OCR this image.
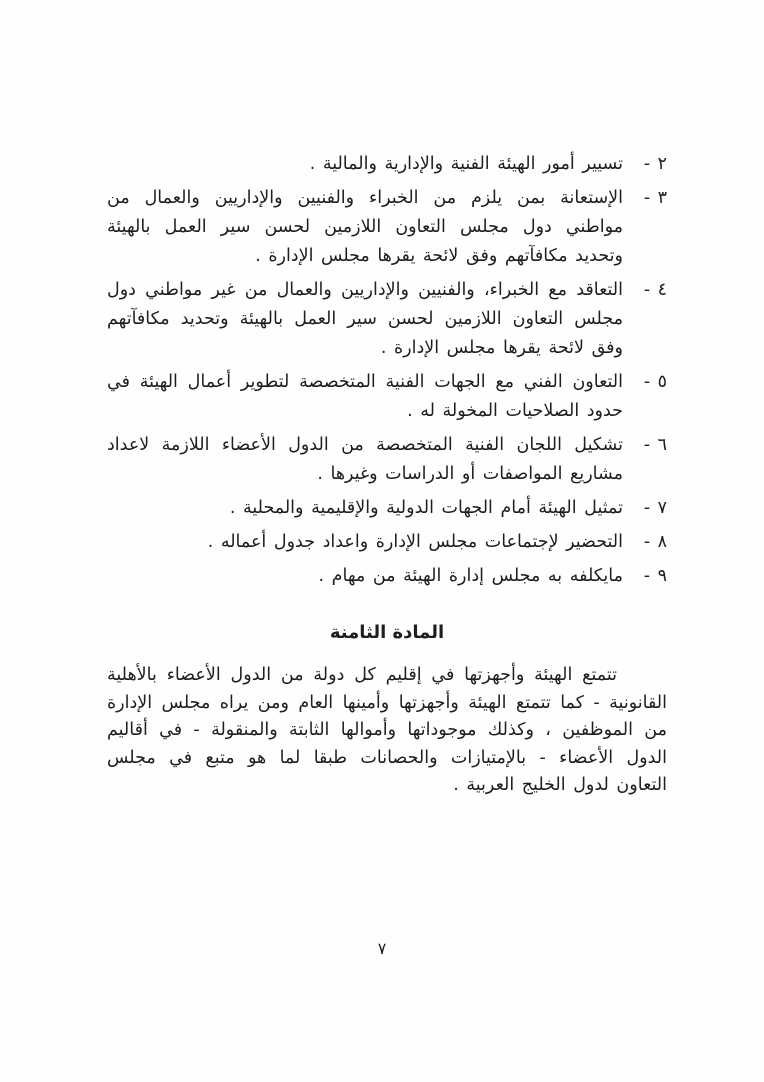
٢ -
تسيير أمور الهيئة الفنية والإدارية والمالية .
٣ -
الإستعانة بمن يلزم من الخبراء والفنيين والإداريين والعمال من مواطني دول مجلس التعاون اللازمين لحسن سير العمل بالهيئة وتحديد مكافآتهم وفق لائحة يقرها مجلس الإدارة .
٤ -
التعاقد مع الخبراء، والفنيين والإداريين والعمال من غير مواطني دول مجلس التعاون اللازمين لحسن سير العمل بالهيئة وتحديد مكافآتهم وفق لائحة يقرها مجلس الإدارة .
٥ -
التعاون الفني مع الجهات الفنية المتخصصة لتطوير أعمال الهيئة في حدود الصلاحيات المخولة له .
٦ -
تشكيل اللجان الفنية المتخصصة من الدول الأعضاء اللازمة لاعداد مشاريع المواصفات أو الدراسات وغيرها .
٧ -
تمثيل الهيئة أمام الجهات الدولية والإقليمية والمحلية .
٨ -
التحضير لإجتماعات مجلس الإدارة واعداد جدول أعماله .
٩ -
مايكلفه به مجلس إدارة الهيئة من مهام .
المادة الثامنة

تتمتع الهيئة وأجهزتها في إقليم كل دولة من الدول الأعضاء بالأهلية القانونية - كما تتمتع الهيئة وأجهزتها وأمينها العام ومن يراه مجلس الإدارة من الموظفين ، وكذلك موجوداتها وأموالها الثابتة والمنقولة - في أقاليم الدول الأعضاء - بالإمتيازات والحصانات طبقا لما هو متبع في مجلس التعاون لدول الخليج العربية .

٧
